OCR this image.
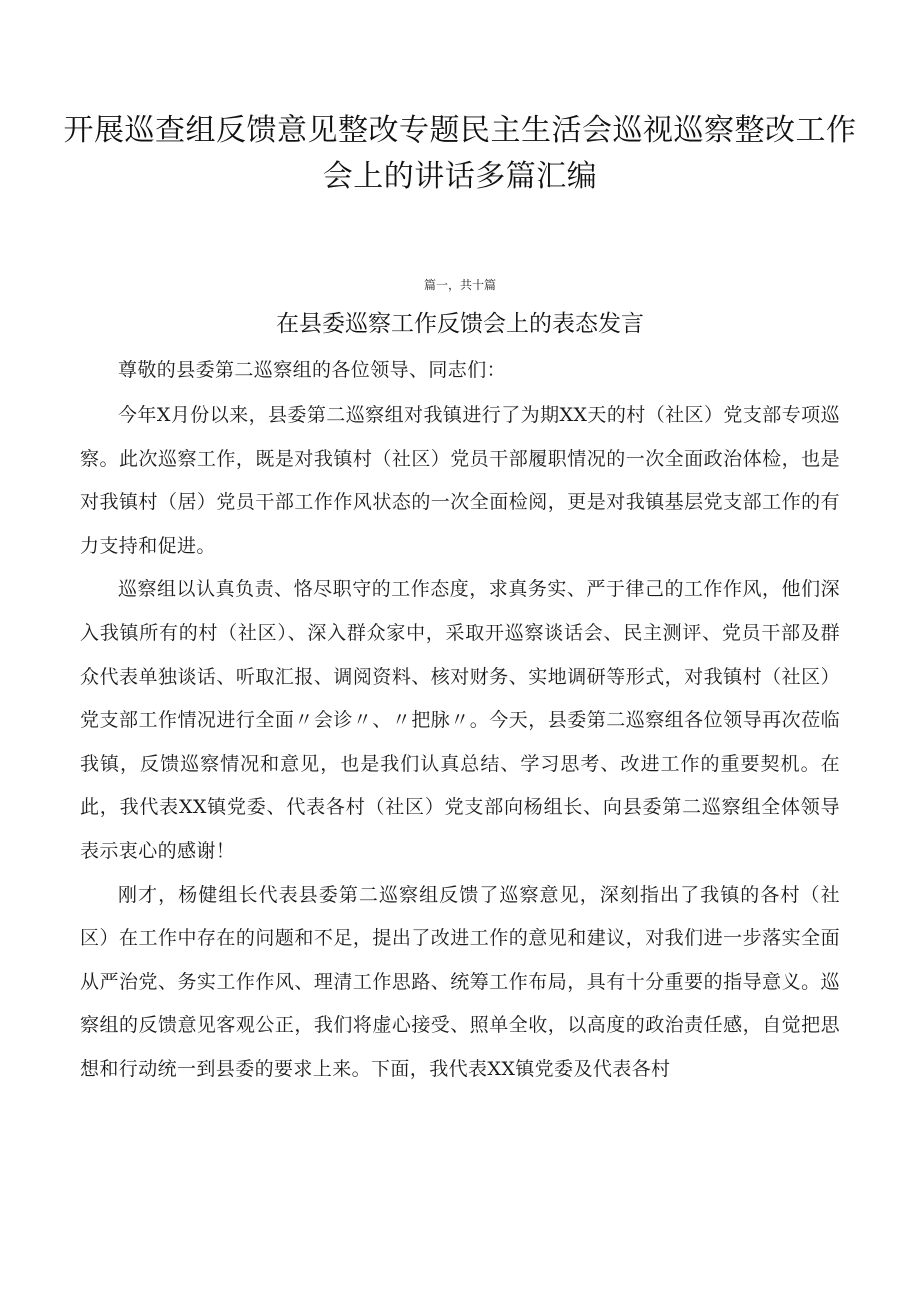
开展巡查组反馈意见整改专题民主生活会巡视巡察整改工作会上的讲话多篇汇编
篇一，共十篇
在县委巡察工作反馈会上的表态发言

尊敬的县委第二巡察组的各位领导、同志们：

今年X月份以来，县委第二巡察组对我镇进行了为期XX天的村（社区）党支部专项巡察。此次巡察工作，既是对我镇村（社区）党员干部履职情况的一次全面政治体检，也是对我镇村（居）党员干部工作作风状态的一次全面检阅，更是对我镇基层党支部工作的有力支持和促进。

巡察组以认真负责、恪尽职守的工作态度，求真务实、严于律己的工作作风，他们深入我镇所有的村（社区）、深入群众家中，采取开巡察谈话会、民主测评、党员干部及群众代表单独谈话、听取汇报、调阅资料、核对财务、实地调研等形式，对我镇村（社区）党支部工作情况进行全面〃会诊〃、〃把脉〃。今天，县委第二巡察组各位领导再次莅临我镇，反馈巡察情况和意见，也是我们认真总结、学习思考、改进工作的重要契机。在此，我代表XX镇党委、代表各村（社区）党支部向杨组长、向县委第二巡察组全体领导表示衷心的感谢！

刚才，杨健组长代表县委第二巡察组反馈了巡察意见，深刻指出了我镇的各村（社区）在工作中存在的问题和不足，提出了改进工作的意见和建议，对我们进一步落实全面从严治党、务实工作作风、理清工作思路、统筹工作布局，具有十分重要的指导意义。巡察组的反馈意见客观公正，我们将虚心接受、照单全收，以高度的政治责任感，自觉把思想和行动统一到县委的要求上来。下面，我代表XX镇党委及代表各村
